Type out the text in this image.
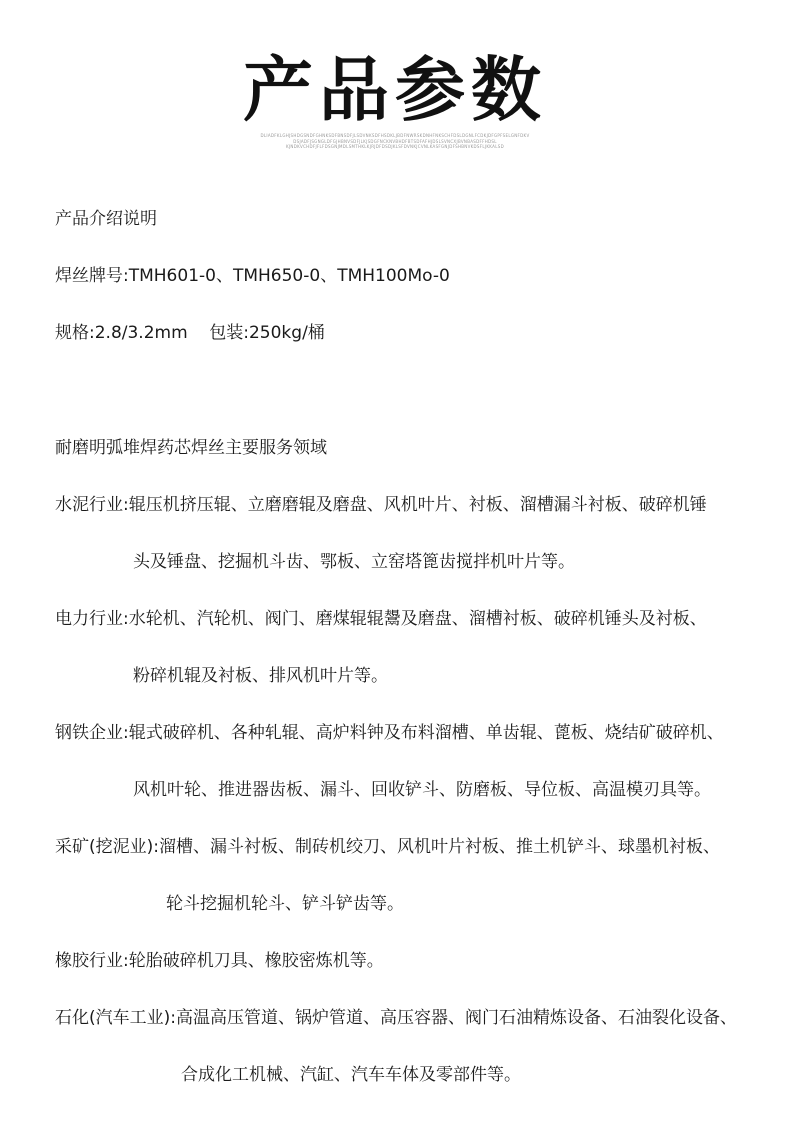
产品参数
DLIADFKLGHJSHDGSNDFGHNKSDFBNSDFJLSDVNKSDFHSDKLJBDFNWRSKDNHFNKSCHFDSLDGNLFCDKJDFGPFSELGNFDKV
DSJADFJSGNGLDFGJHBNVSDFJLKJSDGFNCKNVBHDFBTSDFAFHJDSLSVNCXJBVNBASDFFHDSL
KJNDKVCHDFJFLFDSGNJMDLSMTHKLKJRJDFDSDJKLSFDVNKJCVNLKASFGNJDFSHBNVKDSFLJKKALSD
产品介绍说明
焊丝牌号:TMH601-0、TMH650-0、TMH100Mo-0
规格:2.8/3.2mm    包装:250kg/桶
耐磨明弧堆焊药芯焊丝主要服务领域
水泥行业:辊压机挤压辊、立磨磨辊及磨盘、风机叶片、衬板、溜槽漏斗衬板、破碎机锤
头及锤盘、挖掘机斗齿、鄂板、立窑塔篦齿搅拌机叶片等。
电力行业:水轮机、汽轮机、阀门、磨煤辊辊鬹及磨盘、溜槽衬板、破碎机锤头及衬板、
粉碎机辊及衬板、排风机叶片等。
钢铁企业:辊式破碎机、各种轧辊、高炉料钟及布料溜槽、单齿辊、蓖板、烧结矿破碎机、
风机叶轮、推进器齿板、漏斗、回收铲斗、防磨板、导位板、高温模刃具等。
采矿(挖泥业):溜槽、漏斗衬板、制砖机绞刀、风机叶片衬板、推土机铲斗、球墨机衬板、
轮斗挖掘机轮斗、铲斗铲齿等。
橡胶行业:轮胎破碎机刀具、橡胶密炼机等。
石化(汽车工业):高温高压管道、锅炉管道、高压容器、阀门石油精炼设备、石油裂化设备、
合成化工机械、汽缸、汽车车体及零部件等。
